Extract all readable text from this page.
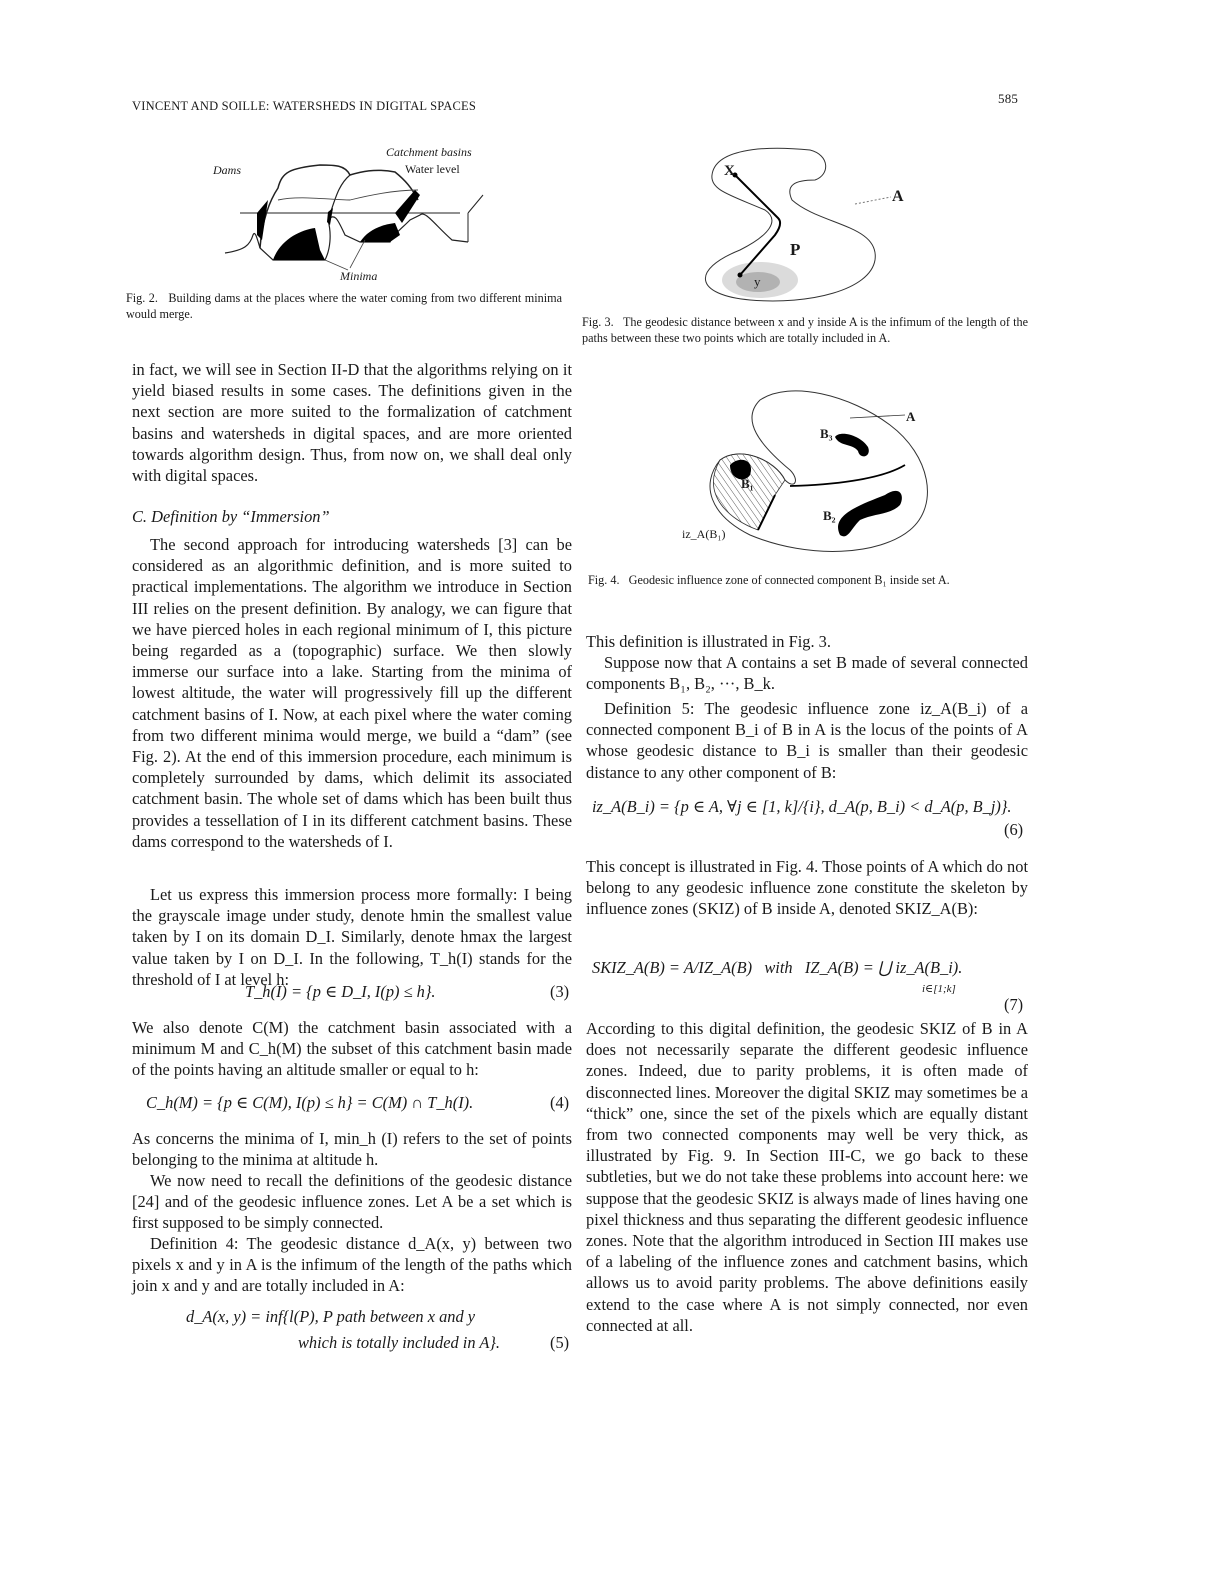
VINCENT AND SOILLE: WATERSHEDS IN DIGITAL SPACES	585
Catchment basins
Dams	Water level
Minima
Fig. 2. Building dams at the places where the water coming from two different minima would merge.
X
P
y
A
Fig. 3. The geodesic distance between x and y inside A is the infimum of the length of the paths between these two points which are totally included in A.
A
B₃
B₁
B₂
iz_A(B₁)
Fig. 4. Geodesic influence zone of connected component B₁ inside set A.

in fact, we will see in Section II-D that the algorithms relying on it yield biased results in some cases. The definitions given in the next section are more suited to the formalization of catchment basins and watersheds in digital spaces, and are more oriented towards algorithm design. Thus, from now on, we shall deal only with digital spaces.

C. Definition by “Immersion”

The second approach for introducing watersheds [3] can be considered as an algorithmic definition, and is more suited to practical implementations. The algorithm we introduce in Section III relies on the present definition. By analogy, we can figure that we have pierced holes in each regional minimum of I, this picture being regarded as a (topographic) surface. We then slowly immerse our surface into a lake. Starting from the minima of lowest altitude, the water will progressively fill up the different catchment basins of I. Now, at each pixel where the water coming from two different minima would merge, we build a “dam” (see Fig. 2). At the end of this immersion procedure, each minimum is completely surrounded by dams, which delimit its associated catchment basin. The whole set of dams which has been built thus provides a tessellation of I in its different catchment basins. These dams correspond to the watersheds of I.

Let us express this immersion process more formally: I being the grayscale image under study, denote hmin the smallest value taken by I on its domain D_I. Similarly, denote hmax the largest value taken by I on D_I. In the following, T_h(I) stands for the threshold of I at level h:

T_h(I) = {p ∈ D_I, I(p) ≤ h}.	(3)

We also denote C(M) the catchment basin associated with a minimum M and C_h(M) the subset of this catchment basin made of the points having an altitude smaller or equal to h:

C_h(M) = {p ∈ C(M), I(p) ≤ h} = C(M) ∩ T_h(I).	(4)

As concerns the minima of I, min_h (I) refers to the set of points belonging to the minima at altitude h.

We now need to recall the definitions of the geodesic distance [24] and of the geodesic influence zones. Let A be a set which is first supposed to be simply connected.

Definition 4: The geodesic distance d_A(x, y) between two pixels x and y in A is the infimum of the length of the paths which join x and y and are totally included in A:

d_A(x, y) = inf{l(P), P path between x and y
which is totally included in A}.	(5)

This definition is illustrated in Fig. 3.

Suppose now that A contains a set B made of several connected components B₁, B₂, ···, B_k.

Definition 5: The geodesic influence zone iz_A(B_i) of a connected component B_i of B in A is the locus of the points of A whose geodesic distance to B_i is smaller than their geodesic distance to any other component of B:

iz_A(B_i) = {p ∈ A, ∀j ∈ [1, k]/{i}, d_A(p, B_i) < d_A(p, B_j)}.
(6)

This concept is illustrated in Fig. 4. Those points of A which do not belong to any geodesic influence zone constitute the skeleton by influence zones (SKIZ) of B inside A, denoted SKIZ_A(B):

SKIZ_A(B) = A/IZ_A(B)   with   IZ_A(B) = ⋃ iz_A(B_i).
i∈[1;k]
(7)

According to this digital definition, the geodesic SKIZ of B in A does not necessarily separate the different geodesic influence zones. Indeed, due to parity problems, it is often made of disconnected lines. Moreover the digital SKIZ may sometimes be a “thick” one, since the set of the pixels which are equally distant from two connected components may well be very thick, as illustrated by Fig. 9. In Section III-C, we go back to these subtleties, but we do not take these problems into account here: we suppose that the geodesic SKIZ is always made of lines having one pixel thickness and thus separating the different geodesic influence zones. Note that the algorithm introduced in Section III makes use of a labeling of the influence zones and catchment basins, which allows us to avoid parity problems. The above definitions easily extend to the case where A is not simply connected, nor even connected at all.
